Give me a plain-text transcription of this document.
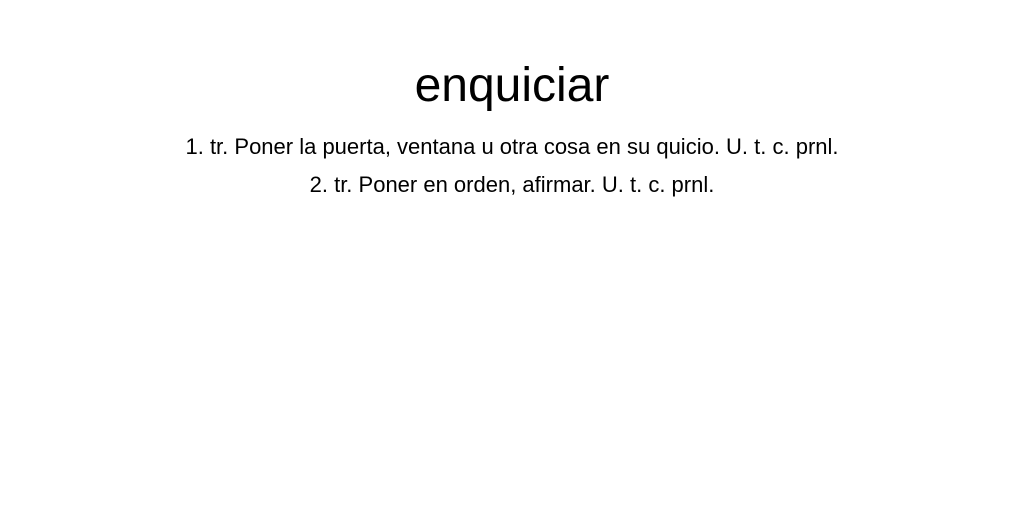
enquiciar
1. tr. Poner la puerta, ventana u otra cosa en su quicio. U. t. c. prnl.
2. tr. Poner en orden, afirmar. U. t. c. prnl.
